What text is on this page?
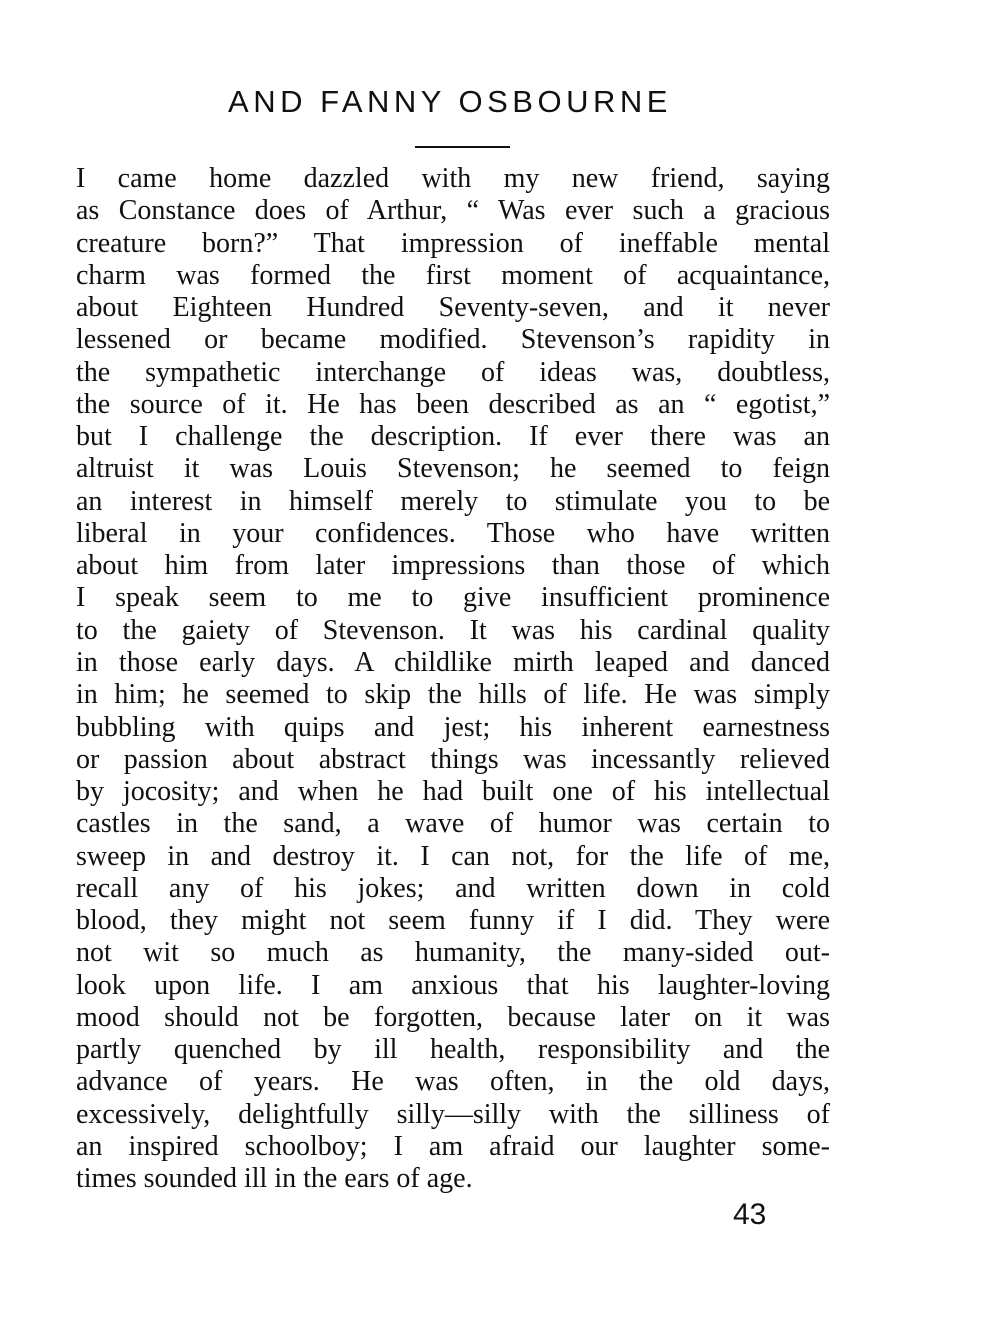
AND FANNY OSBOURNE
I came home dazzled with my new friend, saying
as Constance does of Arthur, “ Was ever such a gracious
creature born?” That impression of ineffable mental
charm was formed the first moment of acquaintance,
about Eighteen Hundred Seventy-seven, and it never
lessened or became modified. Stevenson’s rapidity in
the sympathetic interchange of ideas was, doubtless,
the source of it. He has been described as an “ egotist,”
but I challenge the description. If ever there was an
altruist it was Louis Stevenson; he seemed to feign
an interest in himself merely to stimulate you to be
liberal in your confidences. Those who have written
about him from later impressions than those of which
I speak seem to me to give insufficient prominence
to the gaiety of Stevenson. It was his cardinal quality
in those early days. A childlike mirth leaped and danced
in him; he seemed to skip the hills of life. He was simply
bubbling with quips and jest; his inherent earnestness
or passion about abstract things was incessantly relieved
by jocosity; and when he had built one of his intellectual
castles in the sand, a wave of humor was certain to
sweep in and destroy it. I can not, for the life of me,
recall any of his jokes; and written down in cold
blood, they might not seem funny if I did. They were
not wit so much as humanity, the many-sided out-
look upon life. I am anxious that his laughter-loving
mood should not be forgotten, because later on it was
partly quenched by ill health, responsibility and the
advance of years. He was often, in the old days,
excessively, delightfully silly—silly with the silliness of
an inspired schoolboy; I am afraid our laughter some-
times sounded ill in the ears of age.
43
